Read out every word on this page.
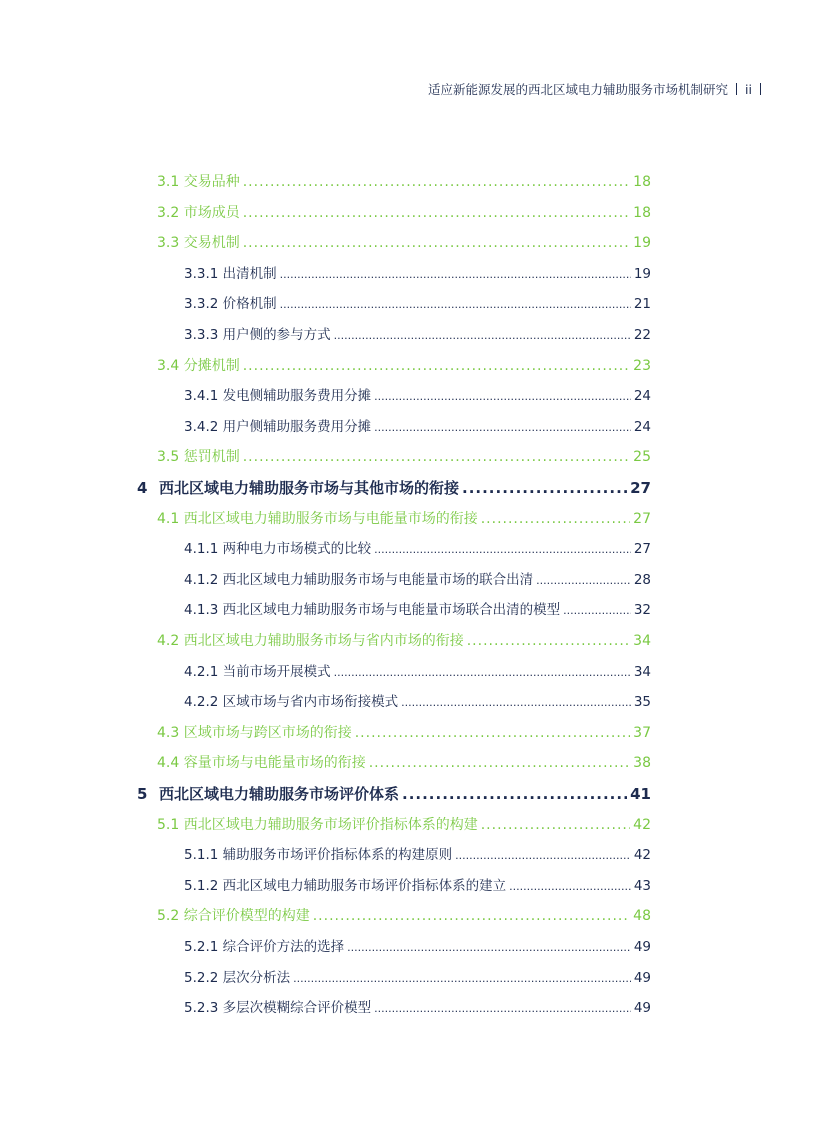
适应新能源发展的西北区域电力辅助服务市场机制研究 ii
3.1 交易品种 .....	18
3.2 市场成员 .....	18
3.3 交易机制 .....	19
3.3.1 出清机制 .....	19
3.3.2 价格机制 .....	21
3.3.3 用户侧的参与方式 .....	22
3.4 分摊机制 .....	23
3.4.1 发电侧辅助服务费用分摊 .....	24
3.4.2 用户侧辅助服务费用分摊 .....	24
3.5 惩罚机制 .....	25
4 西北区域电力辅助服务市场与其他市场的衔接 .....	27
4.1 西北区域电力辅助服务市场与电能量市场的衔接 .....	27
4.1.1 两种电力市场模式的比较 .....	27
4.1.2 西北区域电力辅助服务市场与电能量市场的联合出清 .....	28
4.1.3 西北区域电力辅助服务市场与电能量市场联合出清的模型 .....	32
4.2 西北区域电力辅助服务市场与省内市场的衔接 .....	34
4.2.1 当前市场开展模式 .....	34
4.2.2 区域市场与省内市场衔接模式 .....	35
4.3 区域市场与跨区市场的衔接 .....	37
4.4 容量市场与电能量市场的衔接 .....	38
5 西北区域电力辅助服务市场评价体系 .....	41
5.1 西北区域电力辅助服务市场评价指标体系的构建 .....	42
5.1.1 辅助服务市场评价指标体系的构建原则 .....	42
5.1.2 西北区域电力辅助服务市场评价指标体系的建立 .....	43
5.2 综合评价模型的构建 .....	48
5.2.1 综合评价方法的选择 .....	49
5.2.2 层次分析法 .....	49
5.2.3 多层次模糊综合评价模型 .....	49
